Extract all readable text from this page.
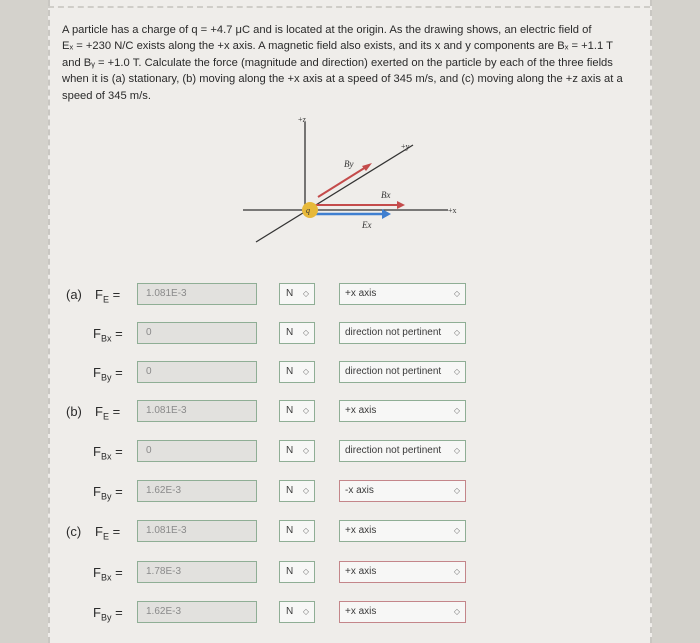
A particle has a charge of q = +4.7 μC and is located at the origin. As the drawing shows, an electric field of
Eₓ = +230 N/C exists along the +x axis. A magnetic field also exists, and its x and y components are Bₓ = +1.1 T
and Bᵧ = +1.0 T. Calculate the force (magnitude and direction) exerted on the particle by each of the three fields
when it is (a) stationary, (b) moving along the +x axis at a speed of 345 m/s, and (c) moving along the +z axis at a
speed of 345 m/s.
q
+z
+y
+x
By
Bx
Ex
(a) $F_E$ =	1.081E-3	N ◇	+x axis	◇
$F_{Bx}$ =	0	N ◇	direction not pertinent ◇
$F_{By}$ =	0	N ◇	direction not pertinent ◇
(b) $F_E$ =	1.081E-3	N ◇	+x axis	◇
$F_{Bx}$ =	0	N ◇	direction not pertinent ◇
$F_{By}$ =	1.62E-3	N ◇	-x axis	◇
(c) $F_E$ =	1.081E-3	N ◇	+x axis	◇
$F_{Bx}$ =	1.78E-3	N ◇	+x axis	◇
$F_{By}$ =	1.62E-3	N ◇	+x axis	◇
